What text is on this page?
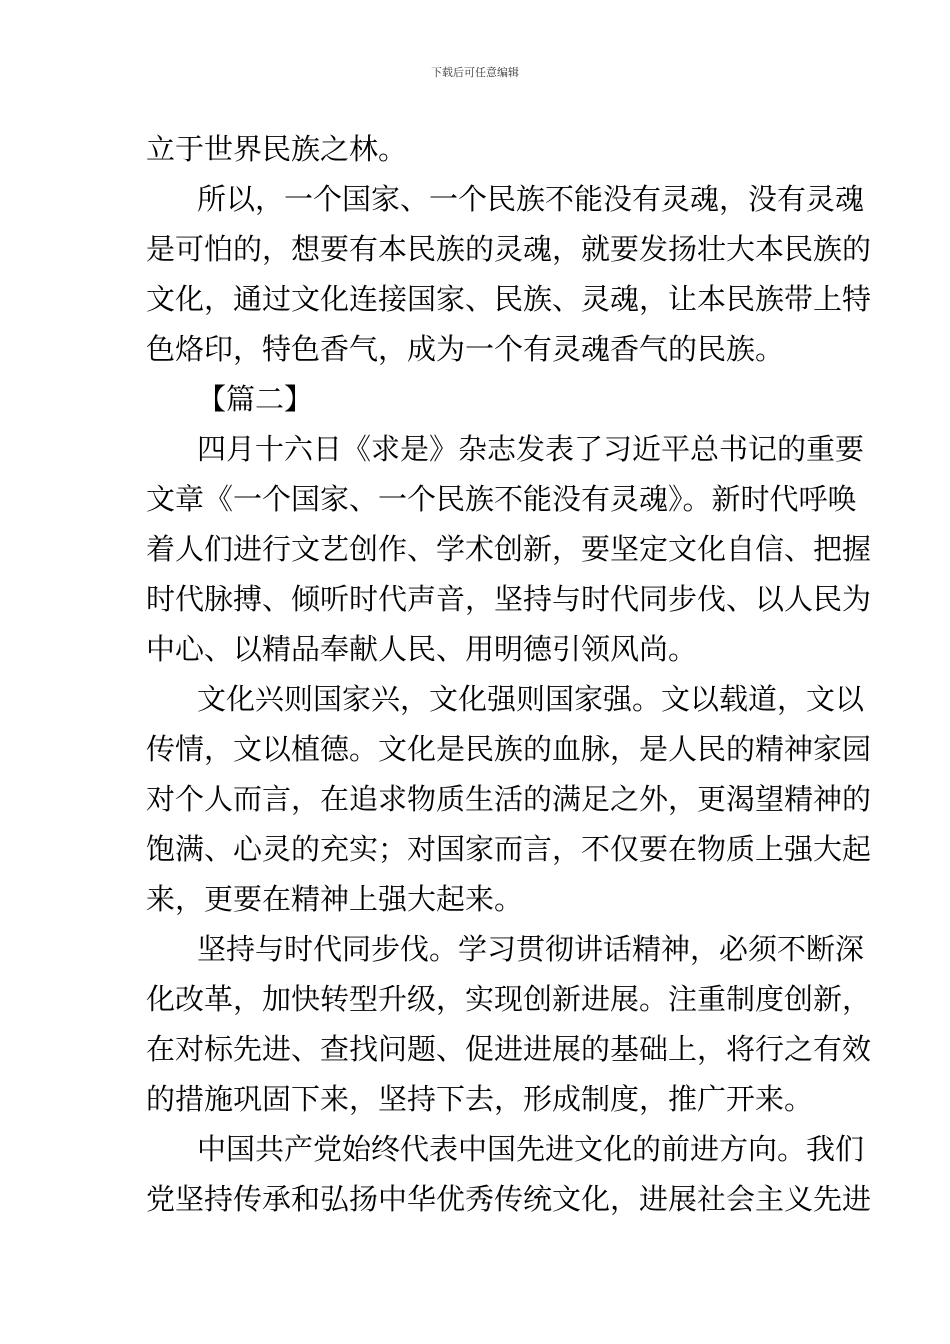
下载后可任意编辑
立于世界民族之林。
所以，一个国家、一个民族不能没有灵魂，没有灵魂
是可怕的，想要有本民族的灵魂，就要发扬壮大本民族的
文化，通过文化连接国家、民族、灵魂，让本民族带上特
色烙印，特色香气，成为一个有灵魂香气的民族。
【篇二】
四月十六日《求是》杂志发表了习近平总书记的重要
文章《一个国家、一个民族不能没有灵魂》。新时代呼唤
着人们进行文艺创作、学术创新，要坚定文化自信、把握
时代脉搏、倾听时代声音，坚持与时代同步伐、以人民为
中心、以精品奉献人民、用明德引领风尚。
文化兴则国家兴，文化强则国家强。文以载道，文以
传情，文以植德。文化是民族的血脉，是人民的精神家园
对个人而言，在追求物质生活的满足之外，更渴望精神的
饱满、心灵的充实；对国家而言，不仅要在物质上强大起
来，更要在精神上强大起来。
坚持与时代同步伐。学习贯彻讲话精神，必须不断深
化改革，加快转型升级，实现创新进展。注重制度创新，
在对标先进、查找问题、促进进展的基础上，将行之有效
的措施巩固下来，坚持下去，形成制度，推广开来。
中国共产党始终代表中国先进文化的前进方向。我们
党坚持传承和弘扬中华优秀传统文化，进展社会主义先进
